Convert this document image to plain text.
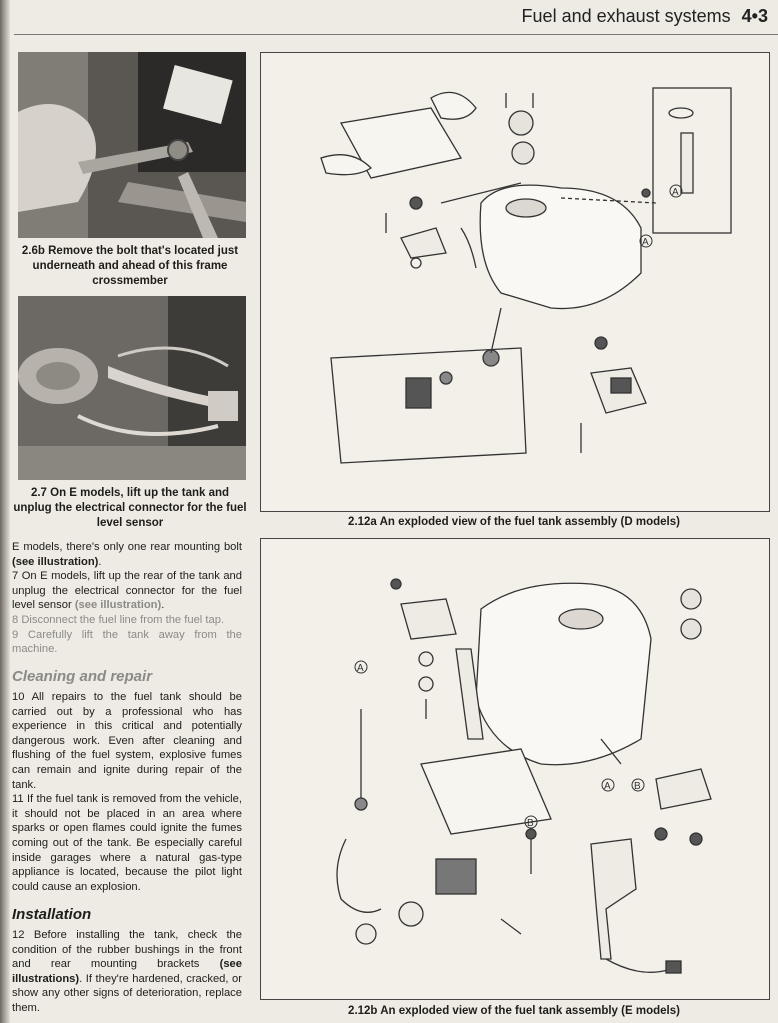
Fuel and exhaust systems 4•3
2.6b Remove the bolt that's located just underneath and ahead of this frame crossmember
2.7 On E models, lift up the tank and unplug the electrical connector for the fuel level sensor

E models, there's only one rear mounting bolt (see illustration).

7 On E models, lift up the rear of the tank and unplug the electrical connector for the fuel level sensor (see illustration).

8 Disconnect the fuel line from the fuel tap.

9 Carefully lift the tank away from the machine.

Cleaning and repair

10 All repairs to the fuel tank should be carried out by a professional who has experience in this critical and potentially dangerous work. Even after cleaning and flushing of the fuel system, explosive fumes can remain and ignite during repair of the tank.

11 If the fuel tank is removed from the vehicle, it should not be placed in an area where sparks or open flames could ignite the fumes coming out of the tank. Be especially careful inside garages where a natural gas-type appliance is located, because the pilot light could cause an explosion.

Installation

12 Before installing the tank, check the condition of the rubber bushings in the front and rear mounting brackets (see illustrations). If they're hardened, cracked, or show any other signs of deterioration, replace them.

A
A
2.12a An exploded view of the fuel tank assembly (D models)
A
A B
B
2.12b An exploded view of the fuel tank assembly (E models)
